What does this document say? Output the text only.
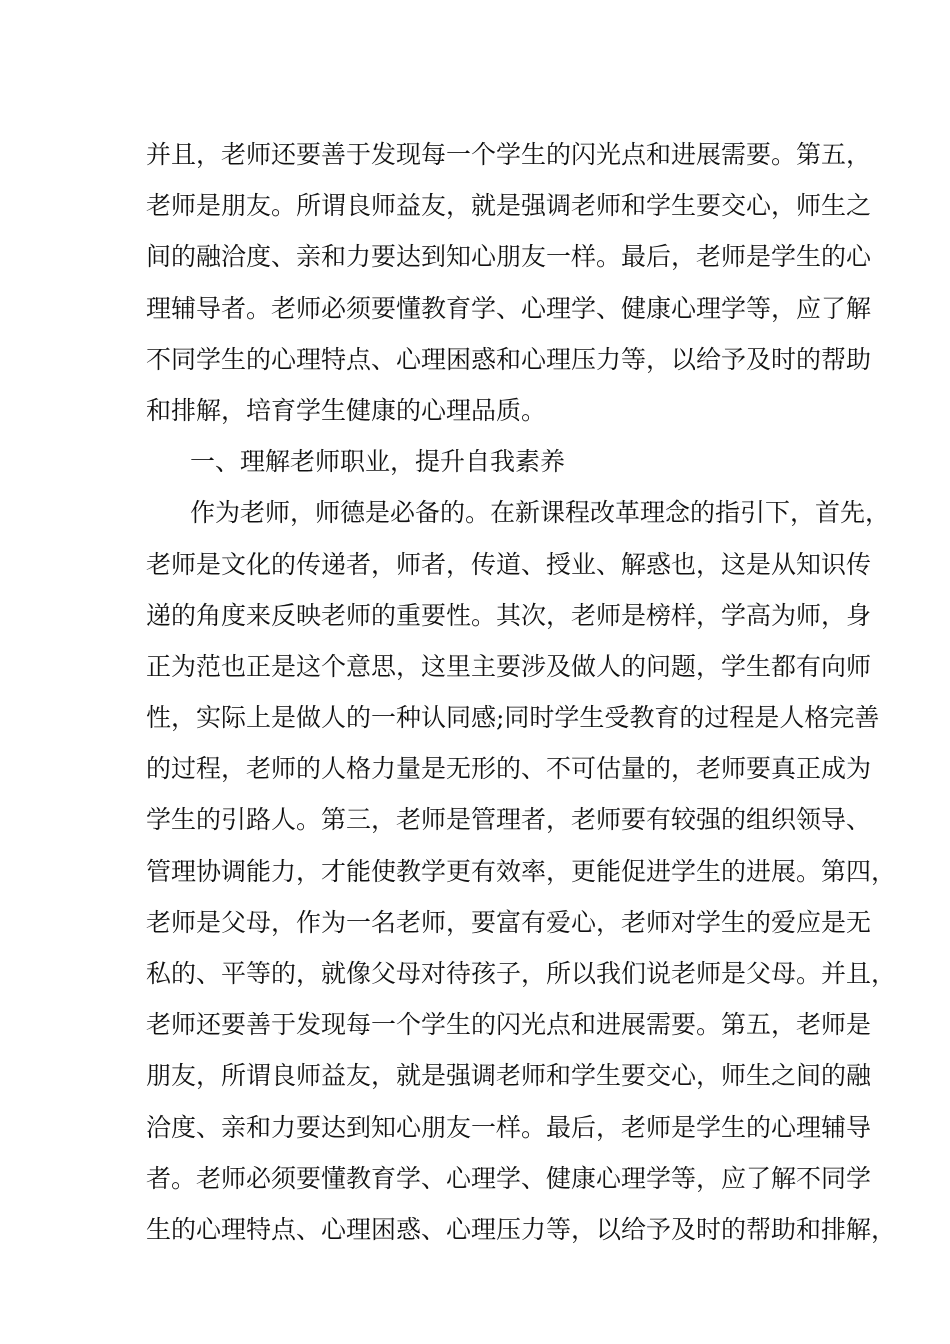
并且，老师还要善于发现每一个学生的闪光点和进展需要。第五，
老师是朋友。所谓良师益友，就是强调老师和学生要交心，师生之
间的融洽度、亲和力要达到知心朋友一样。最后，老师是学生的心
理辅导者。老师必须要懂教育学、心理学、健康心理学等，应了解
不同学生的心理特点、心理困惑和心理压力等，以给予及时的帮助
和排解，培育学生健康的心理品质。
一、理解老师职业，提升自我素养
作为老师，师德是必备的。在新课程改革理念的指引下，首先，
老师是文化的传递者，师者，传道、授业、解惑也，这是从知识传
递的角度来反映老师的重要性。其次，老师是榜样，学高为师，身
正为范也正是这个意思，这里主要涉及做人的问题，学生都有向师
性，实际上是做人的一种认同感;同时学生受教育的过程是人格完善
的过程，老师的人格力量是无形的、不可估量的，老师要真正成为
学生的引路人。第三，老师是管理者，老师要有较强的组织领导、
管理协调能力，才能使教学更有效率，更能促进学生的进展。第四，
老师是父母，作为一名老师，要富有爱心，老师对学生的爱应是无
私的、平等的，就像父母对待孩子，所以我们说老师是父母。并且，
老师还要善于发现每一个学生的闪光点和进展需要。第五，老师是
朋友，所谓良师益友，就是强调老师和学生要交心，师生之间的融
洽度、亲和力要达到知心朋友一样。最后，老师是学生的心理辅导
者。老师必须要懂教育学、心理学、健康心理学等，应了解不同学
生的心理特点、心理困惑、心理压力等，以给予及时的帮助和排解，
